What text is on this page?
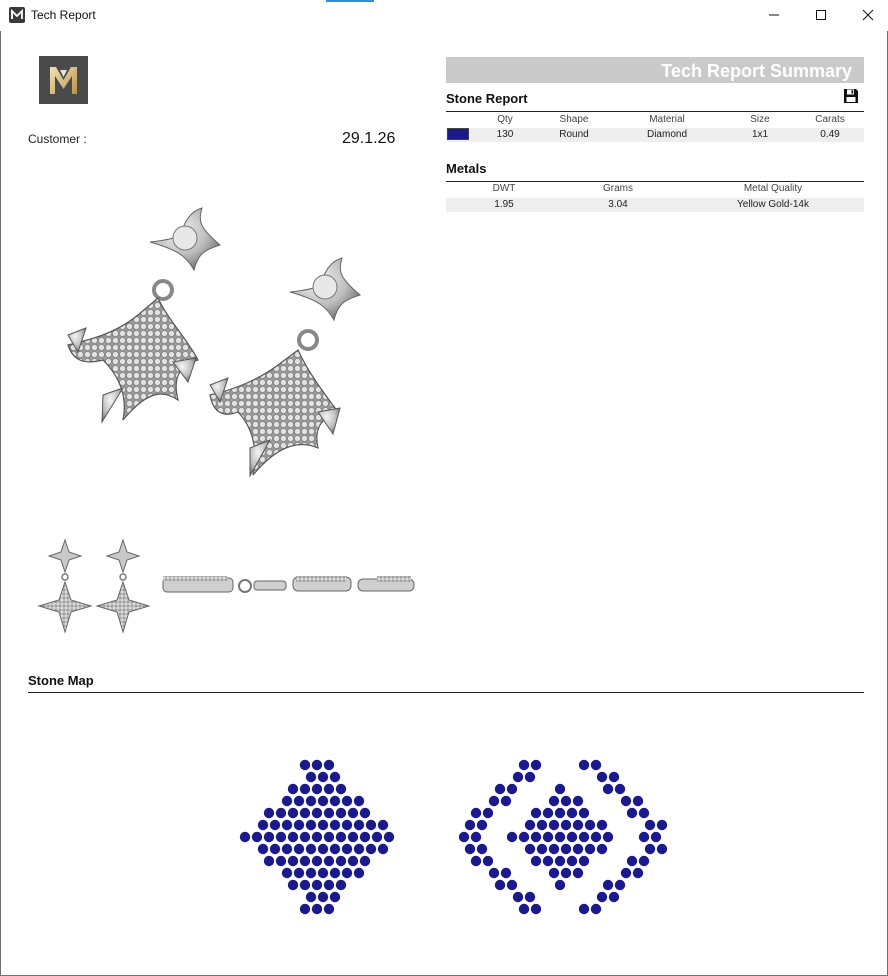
Tech Report
Customer :	29.1.26
Tech Report Summary
Stone Report
Qty	Shape	Material	Size	Carats
130	Round	Diamond	1x1	0.49
Metals
DWT	Grams	Metal Quality
1.95	3.04	Yellow Gold-14k
Stone Map
